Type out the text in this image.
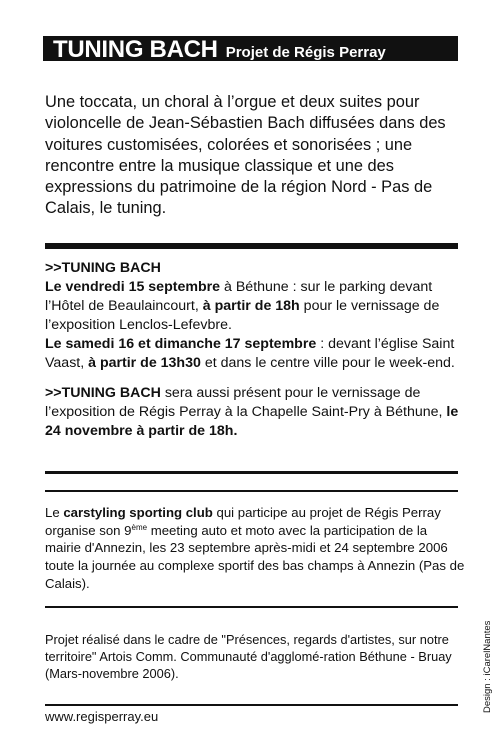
TUNING BACH Projet de Régis Perray

Une toccata, un choral à l’orgue et deux suites pour violoncelle de Jean-Sébastien Bach diffusées dans des voitures customisées, colorées et sonorisées ; une rencontre entre la musique classique et une des expressions du patrimoine de la région Nord - Pas de Calais, le tuning.

>>TUNING BACH

Le vendredi 15 septembre à Béthune : sur le parking devant l’Hôtel de Beaulaincourt, à partir de 18h pour le vernissage de l’exposition Lenclos-Lefevbre.

Le samedi 16 et dimanche 17 septembre : devant l’église Saint Vaast, à partir de 13h30 et dans le centre ville pour le week-end.

>>TUNING BACH sera aussi présent pour le vernissage de l’exposition de Régis Perray à la Chapelle Saint-Pry à Béthune, le 24 novembre à partir de 18h.

Le carstyling sporting club qui participe au projet de Régis Perray organise son 9ème meeting auto et moto avec la participation de la mairie d'Annezin, les 23 septembre après-midi et 24 septembre 2006 toute la journée au complexe sportif des bas champs à Annezin (Pas de Calais).

Projet réalisé dans le cadre de "Présences, regards d'artistes, sur notre territoire" Artois Comm. Communauté d'agglomé-ration Béthune - Bruay (Mars-novembre 2006).

www.regisperray.eu

Design : iCarelNantes
